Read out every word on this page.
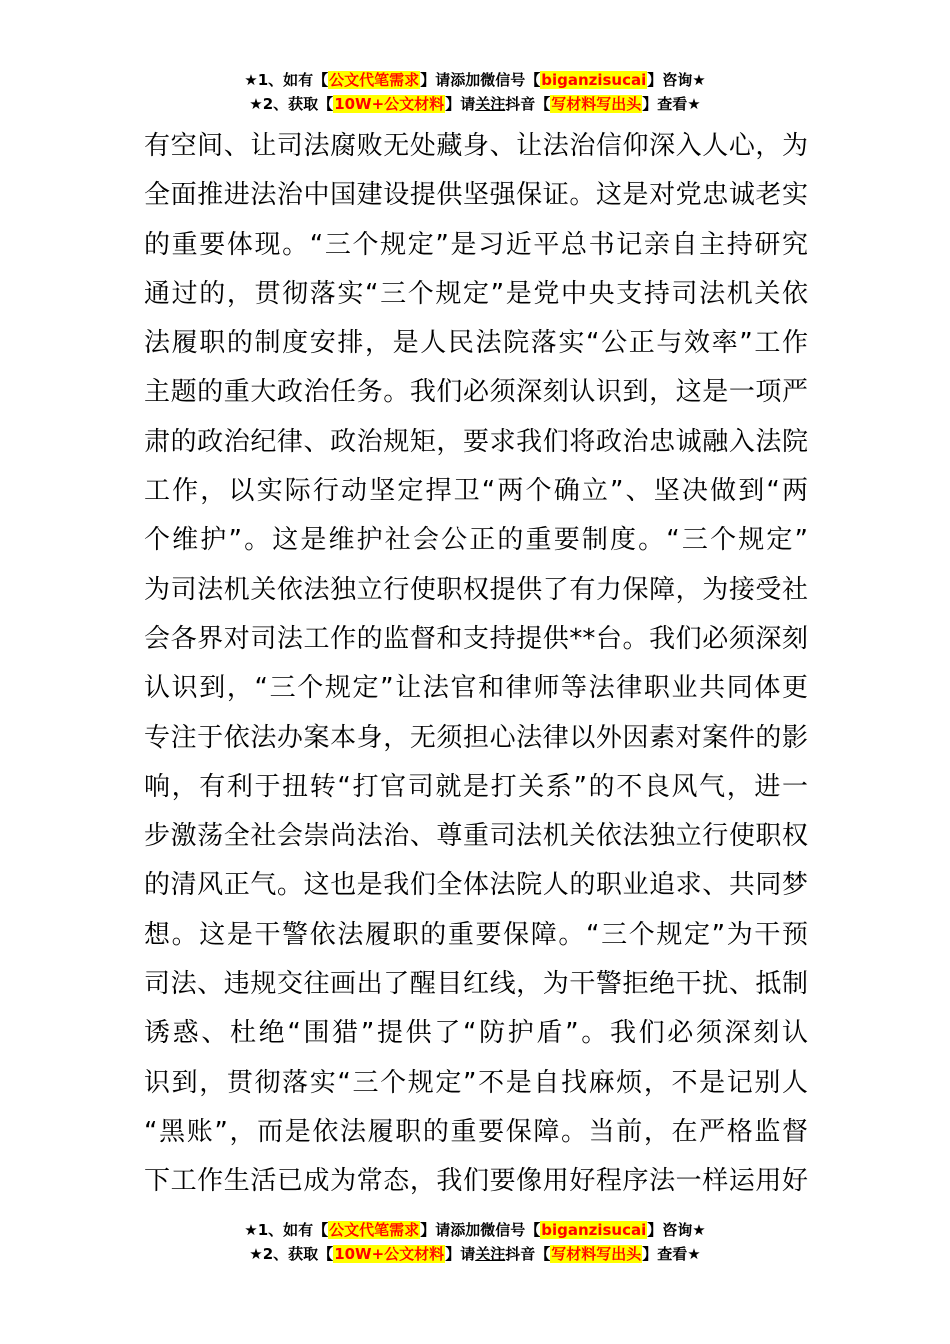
★1、如有【公文代笔需求】请添加微信号【biganzisucai】咨询★
★2、获取【10W+公文材料】请关注抖音【写材料写出头】查看★
有空间、让司法腐败无处藏身、让法治信仰深入人心，为
全面推进法治中国建设提供坚强保证。这是对党忠诚老实
的重要体现。“三个规定”是习近平总书记亲自主持研究
通过的，贯彻落实“三个规定”是党中央支持司法机关依
法履职的制度安排，是人民法院落实“公正与效率”工作
主题的重大政治任务。我们必须深刻认识到，这是一项严
肃的政治纪律、政治规矩，要求我们将政治忠诚融入法院
工作，以实际行动坚定捍卫“两个确立”、坚决做到“两
个维护”。这是维护社会公正的重要制度。“三个规定”
为司法机关依法独立行使职权提供了有力保障，为接受社
会各界对司法工作的监督和支持提供**台。我们必须深刻
认识到，“三个规定”让法官和律师等法律职业共同体更
专注于依法办案本身，无须担心法律以外因素对案件的影
响，有利于扭转“打官司就是打关系”的不良风气，进一
步激荡全社会崇尚法治、尊重司法机关依法独立行使职权
的清风正气。这也是我们全体法院人的职业追求、共同梦
想。这是干警依法履职的重要保障。“三个规定”为干预
司法、违规交往画出了醒目红线，为干警拒绝干扰、抵制
诱惑、杜绝“围猎”提供了“防护盾”。我们必须深刻认
识到，贯彻落实“三个规定”不是自找麻烦，不是记别人
“黑账”，而是依法履职的重要保障。当前，在严格监督
下工作生活已成为常态，我们要像用好程序法一样运用好
★1、如有【公文代笔需求】请添加微信号【biganzisucai】咨询★
★2、获取【10W+公文材料】请关注抖音【写材料写出头】查看★
